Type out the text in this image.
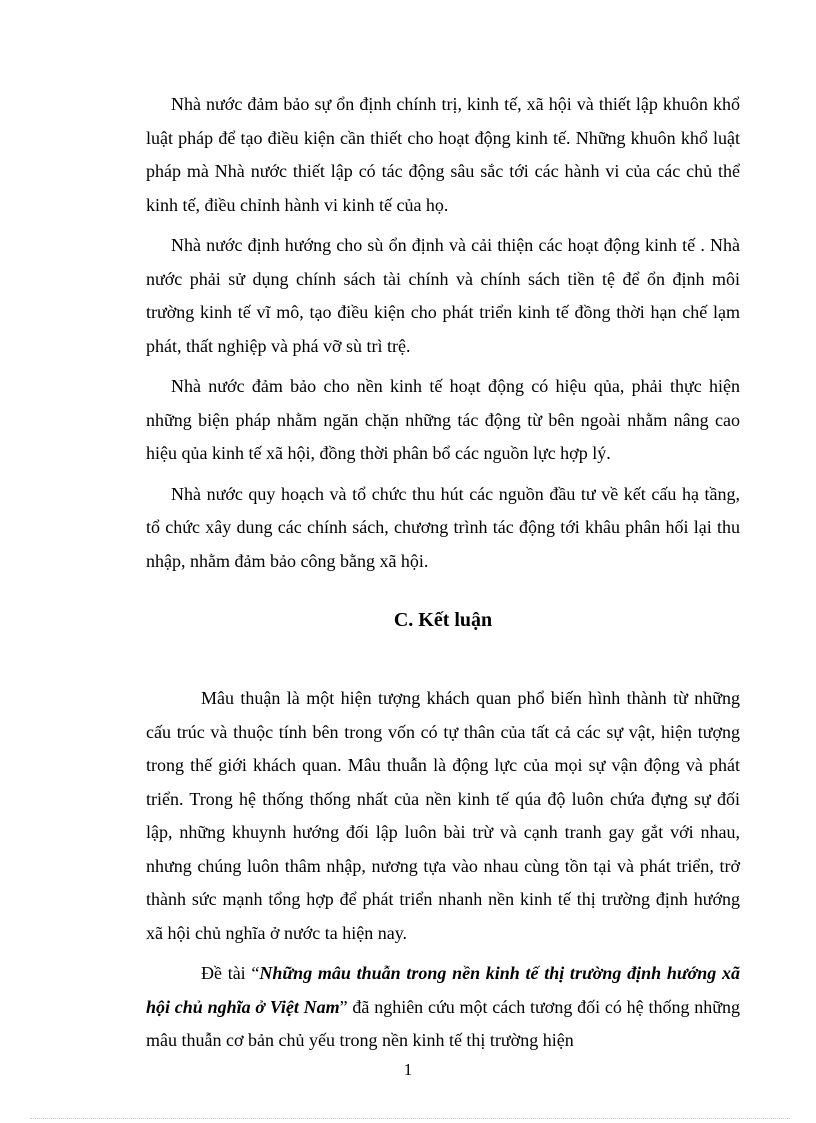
Nhà nước đảm bảo sự ổn định chính trị, kinh tế, xã hội và thiết lập khuôn khổ luật pháp để tạo điều kiện cần thiết cho hoạt động kinh tế. Những khuôn khổ luật pháp mà Nhà nước thiết lập có tác động sâu sắc tới các hành vi của các chủ thể kinh tế, điều chỉnh hành vi kinh tế của họ.

Nhà nước định hướng cho sù ổn định và cải thiện các hoạt động kinh tế . Nhà nước phải sử dụng chính sách tài chính và chính sách tiền tệ để ổn định môi trường kinh tế vĩ mô, tạo điều kiện cho phát triển kinh tế đồng thời hạn chế lạm phát, thất nghiệp và phá vỡ sù trì trệ.

Nhà nước đảm bảo cho nền kinh tế hoạt động có hiệu qủa, phải thực hiện những biện pháp nhằm ngăn chặn những tác động từ bên ngoài nhằm nâng cao hiệu qủa kinh tế xã hội, đồng thời phân bổ các nguồn lực hợp lý.

Nhà nước quy hoạch và tổ chức thu hút các nguồn đầu tư về kết cấu hạ tầng, tổ chức xây dung các chính sách, chương trình tác động tới khâu phân hối lại thu nhập, nhằm đảm bảo công bằng xã hội.

C. Kết luận

Mâu thuận là một hiện tượng khách quan phổ biến hình thành từ những cấu trúc và thuộc tính bên trong vốn có tự thân của tất cả các sự vật, hiện tượng trong thế giới khách quan. Mâu thuẫn là động lực của mọi sự vận động và phát triển. Trong hệ thống thống nhất của nền kinh tế qúa độ luôn chứa đựng sự đối lập, những khuynh hướng đối lập luôn bài trừ và cạnh tranh gay gắt với nhau, nhưng chúng luôn thâm nhập, nương tựa vào nhau cùng tồn tại và phát triển, trở thành sức mạnh tổng hợp để phát triển nhanh nền kinh tế thị trường định hướng xã hội chủ nghĩa ở nước ta hiện nay.

Đề tài “Những mâu thuẫn trong nền kinh tế thị trường định hướng xã hội chủ nghĩa ở Việt Nam” đã nghiên cứu một cách tương đối có hệ thống những mâu thuẫn cơ bản chủ yếu trong nền kinh tế thị trường hiện

1
